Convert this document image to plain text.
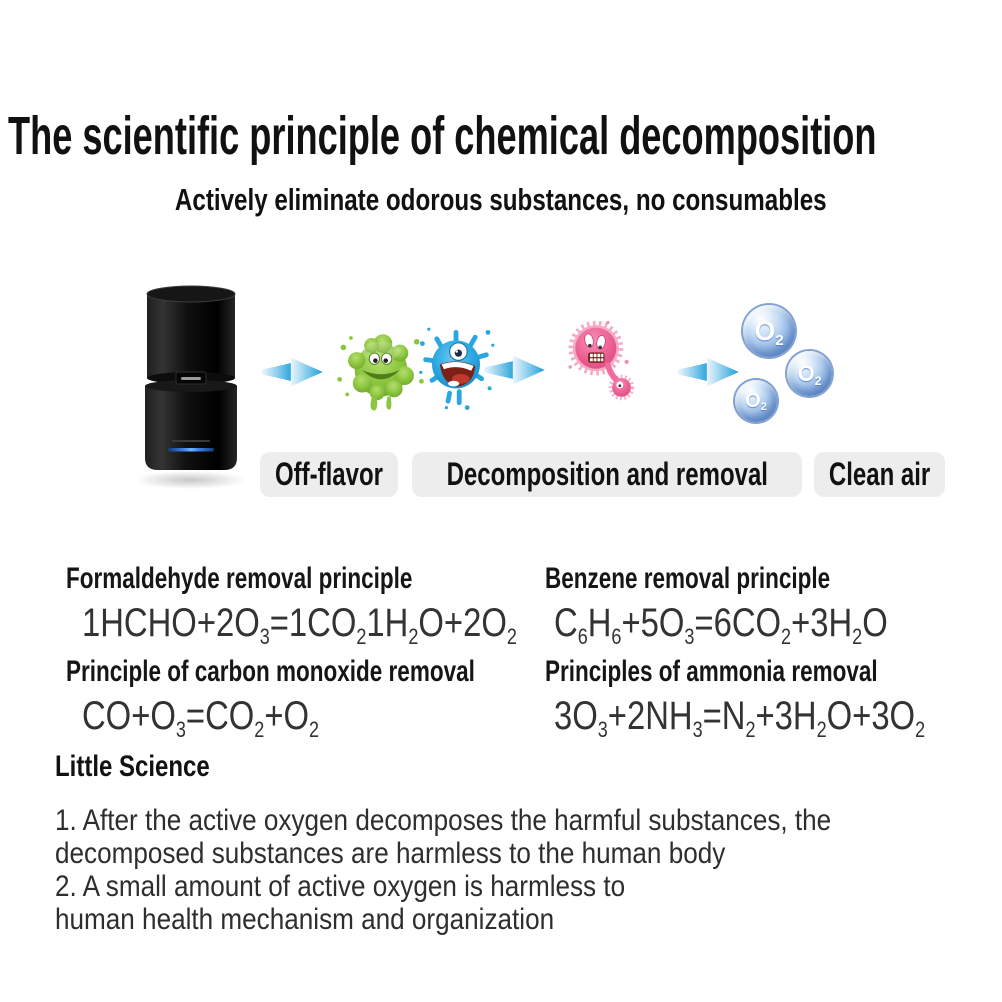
The scientific principle of chemical decomposition
Actively eliminate odorous substances, no consumables
O2
O2
O2
Off-flavor Decomposition and removal Clean air
Formaldehyde removal principle
1HCHO+2O3=1CO21H2O+2O2
Benzene removal principle
C6H6+5O3=6CO2+3H2O
Principle of carbon monoxide removal
CO+O3=CO2+O2
Principles of ammonia removal
3O3+2NH3=N2+3H2O+3O2
Little Science
1. After the active oxygen decomposes the harmful substances, the
decomposed substances are harmless to the human body
2. A small amount of active oxygen is harmless to
human health mechanism and organization
